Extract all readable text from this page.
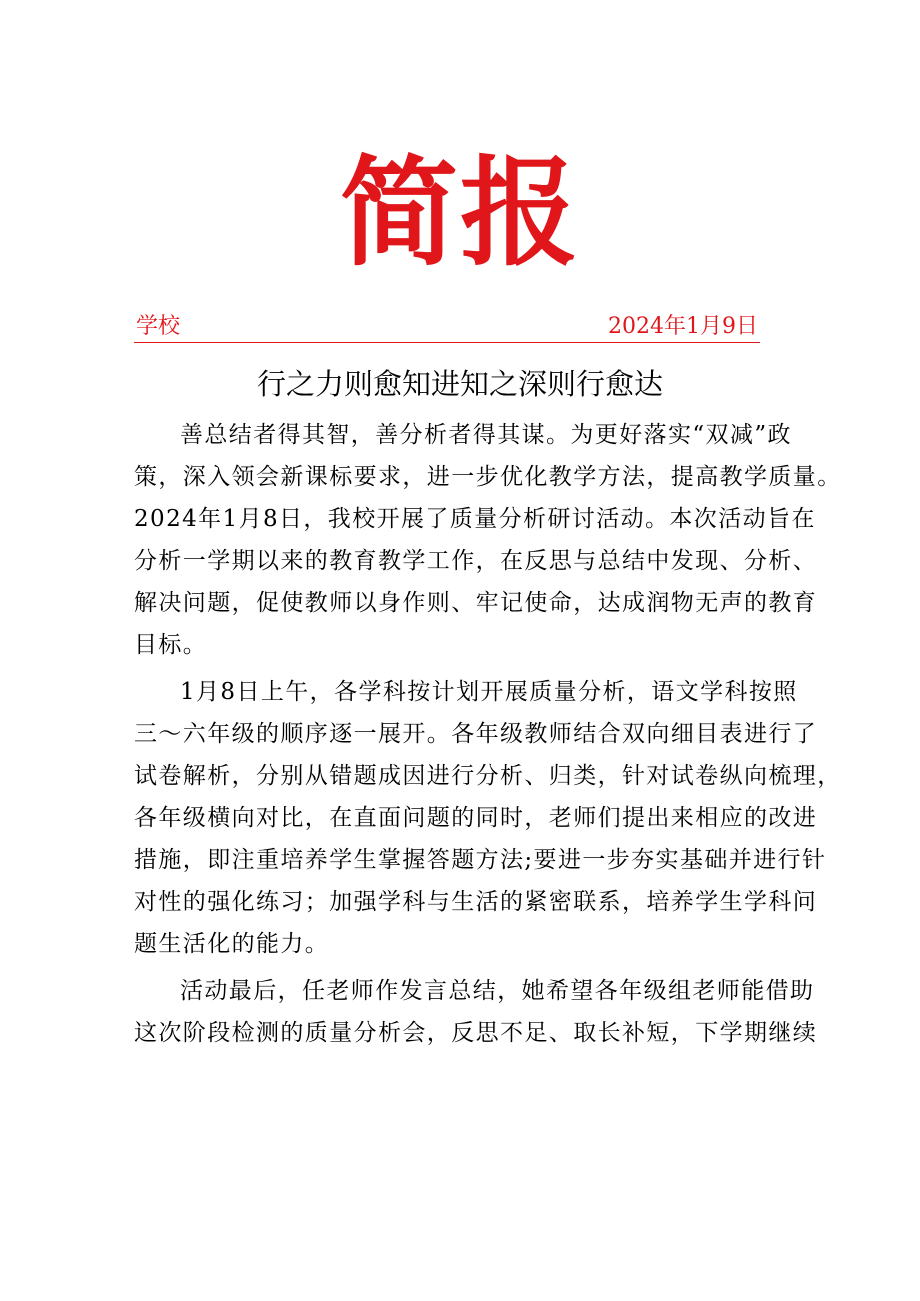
简报
学校	2024年1月9日
行之力则愈知进知之深则行愈达

善总结者得其智，善分析者得其谋。为更好落实“双减”政
策，深入领会新课标要求，进一步优化教学方法，提高教学质量。
2024年1月8日，我校开展了质量分析研讨活动。本次活动旨在
分析一学期以来的教育教学工作，在反思与总结中发现、分析、
解决问题，促使教师以身作则、牢记使命，达成润物无声的教育
目标。

1月8日上午，各学科按计划开展质量分析，语文学科按照
三～六年级的顺序逐一展开。各年级教师结合双向细目表进行了
试卷解析，分别从错题成因进行分析、归类，针对试卷纵向梳理，
各年级横向对比，在直面问题的同时，老师们提出来相应的改进
措施，即注重培养学生掌握答题方法;要进一步夯实基础并进行针
对性的强化练习；加强学科与生活的紧密联系，培养学生学科问
题生活化的能力。

活动最后，任老师作发言总结，她希望各年级组老师能借助
这次阶段检测的质量分析会，反思不足、取长补短，下学期继续
